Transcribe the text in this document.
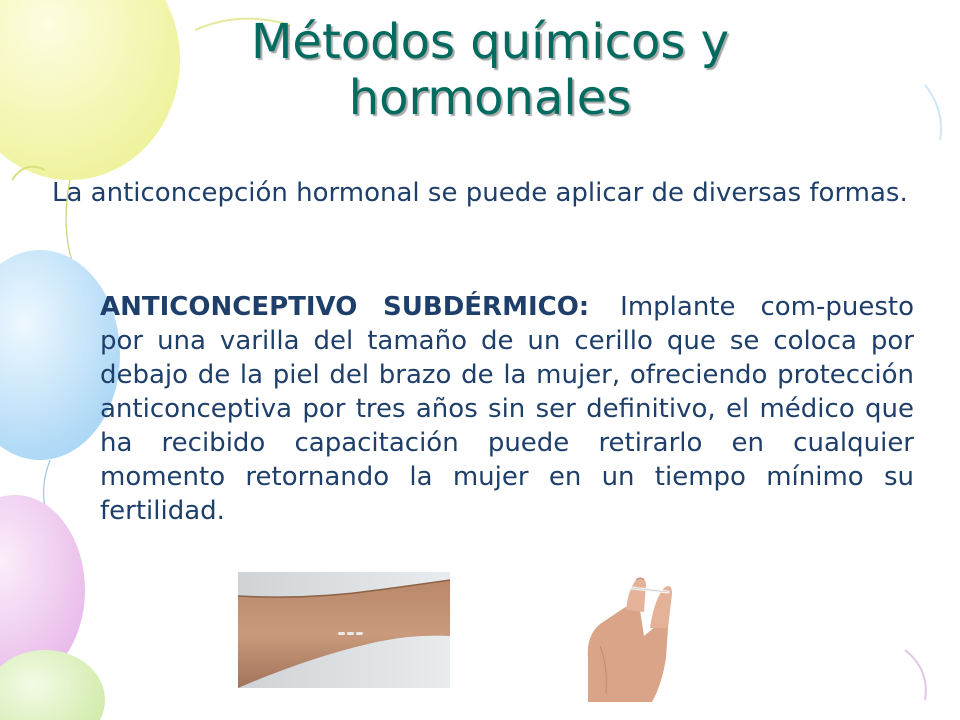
Métodos químicos y hormonales

La anticoncepción hormonal se puede aplicar de diversas formas.

ANTICONCEPTIVO SUBDÉRMICO: Implante com-puesto por una varilla del tamaño de un cerillo que se coloca por debajo de la piel del brazo de la mujer, ofreciendo protección anticonceptiva por tres años sin ser definitivo, el médico que ha recibido capacitación puede retirarlo en cualquier momento retornando la mujer en un tiempo mínimo su fertilidad.
